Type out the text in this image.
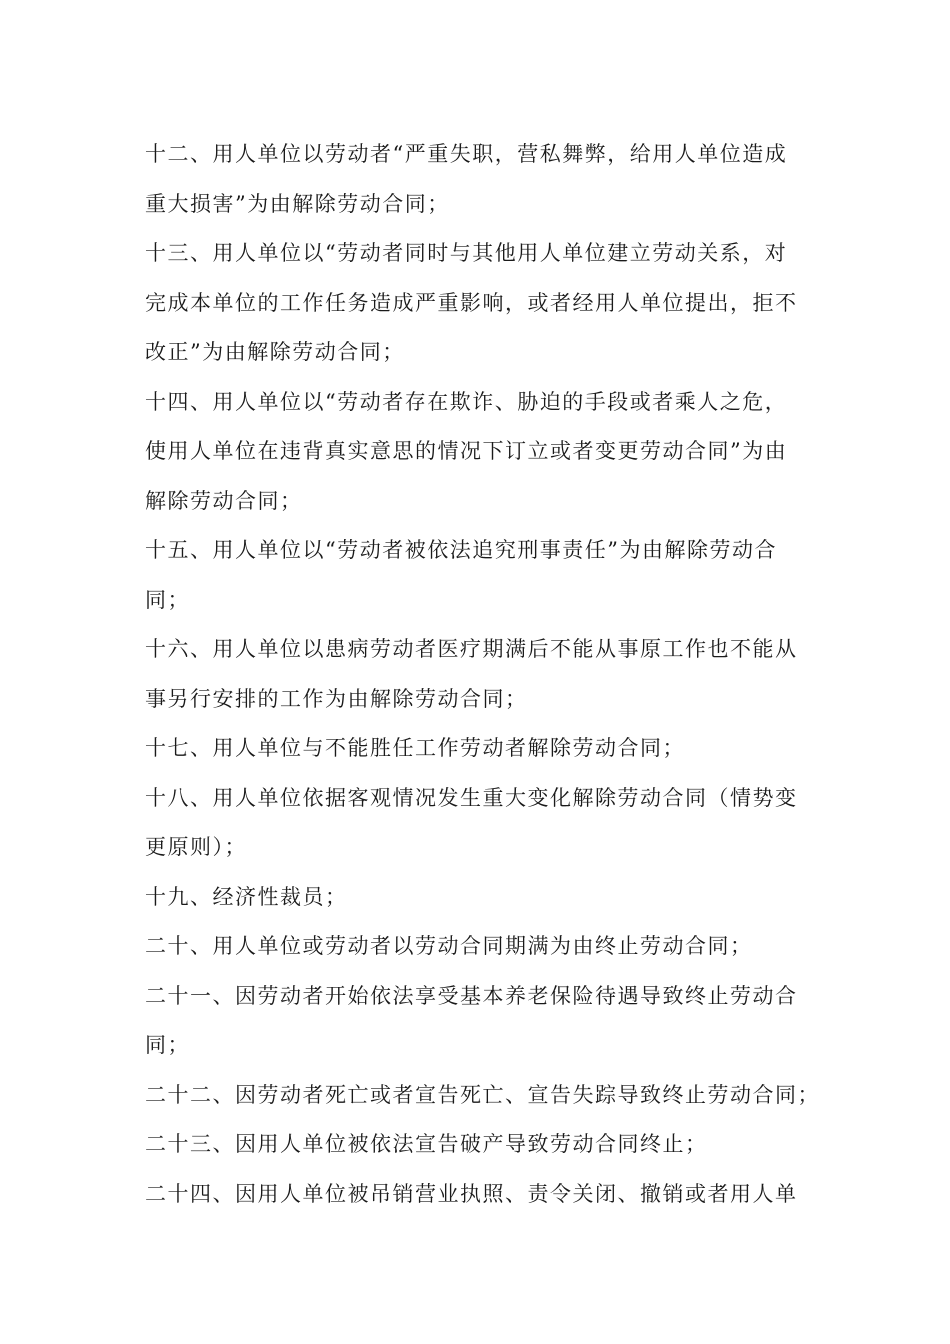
十二、用人单位以劳动者“严重失职，营私舞弊，给用人单位造成
重大损害”为由解除劳动合同；
十三、用人单位以“劳动者同时与其他用人单位建立劳动关系，对
完成本单位的工作任务造成严重影响，或者经用人单位提出，拒不
改正”为由解除劳动合同；
十四、用人单位以“劳动者存在欺诈、胁迫的手段或者乘人之危，
使用人单位在违背真实意思的情况下订立或者变更劳动合同”为由
解除劳动合同；
十五、用人单位以“劳动者被依法追究刑事责任”为由解除劳动合
同；
十六、用人单位以患病劳动者医疗期满后不能从事原工作也不能从
事另行安排的工作为由解除劳动合同；
十七、用人单位与不能胜任工作劳动者解除劳动合同；
十八、用人单位依据客观情况发生重大变化解除劳动合同（情势变
更原则）；
十九、经济性裁员；
二十、用人单位或劳动者以劳动合同期满为由终止劳动合同；
二十一、因劳动者开始依法享受基本养老保险待遇导致终止劳动合
同；
二十二、因劳动者死亡或者宣告死亡、宣告失踪导致终止劳动合同；
二十三、因用人单位被依法宣告破产导致劳动合同终止；
二十四、因用人单位被吊销营业执照、责令关闭、撤销或者用人单
